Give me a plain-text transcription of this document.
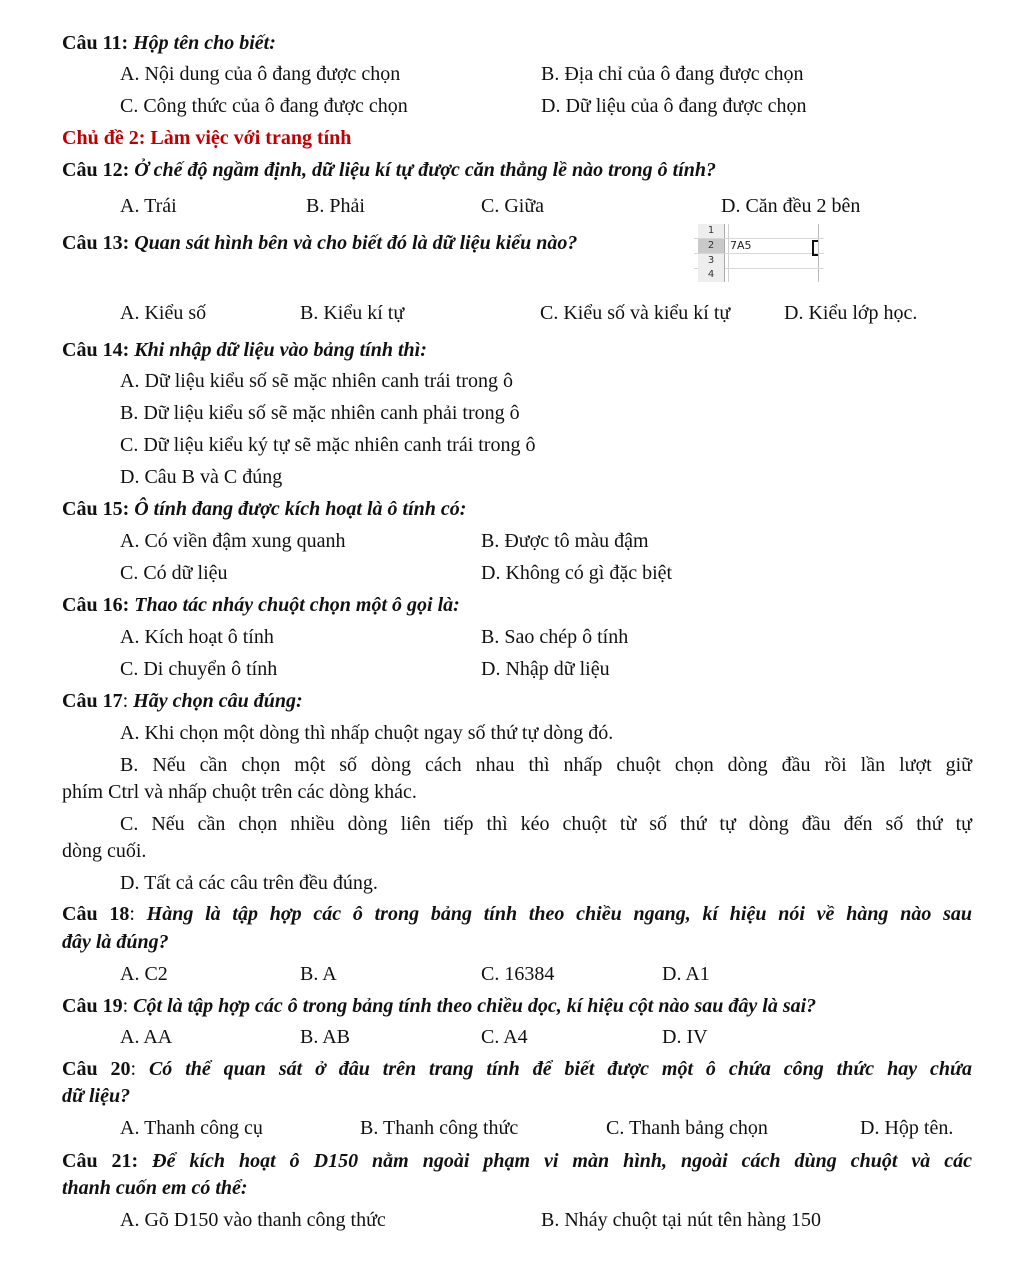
Câu 11: Hộp tên cho biết:
A. Nội dung của ô đang được chọn	B. Địa chỉ của ô đang được chọn
C. Công thức của ô đang được chọn	D. Dữ liệu của ô đang được chọn
Chủ đề 2: Làm việc với trang tính
Câu 12: Ở chế độ ngầm định, dữ liệu kí tự được căn thẳng lề nào trong ô tính?
A. Trái	B. Phải	C. Giữa	D. Căn đều 2 bên
Câu 13: Quan sát hình bên và cho biết đó là dữ liệu kiểu nào?
1
2	7A5
3
4
A. Kiểu số	B. Kiểu kí tự	C. Kiểu số và kiểu kí tự	D. Kiểu lớp học.
Câu 14: Khi nhập dữ liệu vào bảng tính thì:
A. Dữ liệu kiểu số sẽ mặc nhiên canh trái trong ô
B. Dữ liệu kiểu số sẽ mặc nhiên canh phải trong ô
C. Dữ liệu kiểu ký tự sẽ mặc nhiên canh trái trong ô
D. Câu B và C đúng
Câu 15: Ô tính đang được kích hoạt là ô tính có:
A. Có viền đậm xung quanh	B. Được tô màu đậm
C. Có dữ liệu	D. Không có gì đặc biệt
Câu 16: Thao tác nháy chuột chọn một ô gọi là:
A. Kích hoạt ô tính	B. Sao chép ô tính
C. Di chuyển ô tính	D. Nhập dữ liệu
Câu 17: Hãy chọn câu đúng:
A. Khi chọn một dòng thì nhấp chuột ngay số thứ tự dòng đó.
B. Nếu cần chọn một số dòng cách nhau thì nhấp chuột chọn dòng đầu rồi lần lượt giữ
phím Ctrl và nhấp chuột trên các dòng khác.
C. Nếu cần chọn nhiều dòng liên tiếp thì kéo chuột từ số thứ tự dòng đầu đến số thứ tự
dòng cuối.
D. Tất cả các câu trên đều đúng.
Câu 18: Hàng là tập hợp các ô trong bảng tính theo chiều ngang, kí hiệu nói về hàng nào sau
đây là đúng?
A. C2	B. A	C. 16384	D. A1
Câu 19: Cột là tập hợp các ô trong bảng tính theo chiều dọc, kí hiệu cột nào sau đây là sai?
A. AA	B. AB	C. A4	D. IV
Câu 20: Có thể quan sát ở đâu trên trang tính để biết được một ô chứa công thức hay chứa
dữ liệu?
A. Thanh công cụ	B. Thanh công thức	C. Thanh bảng chọn	D. Hộp tên.
Câu 21: Để kích hoạt ô D150 nằm ngoài phạm vi màn hình, ngoài cách dùng chuột và các
thanh cuốn em có thể:
A. Gõ D150 vào thanh công thức	B. Nháy chuột tại nút tên hàng 150
